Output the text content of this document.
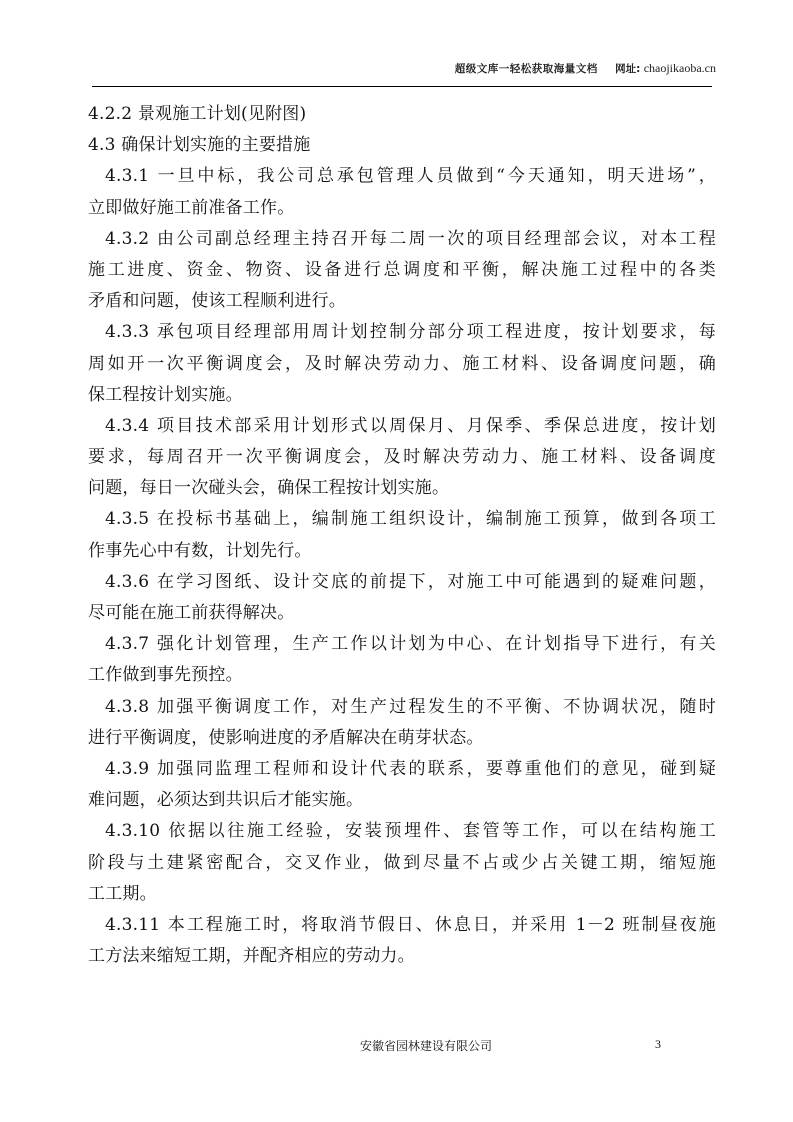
超级文库一轻松获取海量文档 网址: chaojikaoba.cn
4.2.2 景观施工计划(见附图)
4.3 确保计划实施的主要措施
4.3.1 一旦中标，我公司总承包管理人员做到“今天通知，明天进场”，
立即做好施工前准备工作。
4.3.2 由公司副总经理主持召开每二周一次的项目经理部会议，对本工程
施工进度、资金、物资、设备进行总调度和平衡，解决施工过程中的各类
矛盾和问题，使该工程顺利进行。
4.3.3 承包项目经理部用周计划控制分部分项工程进度，按计划要求，每
周如开一次平衡调度会，及时解决劳动力、施工材料、设备调度问题，确
保工程按计划实施。
4.3.4 项目技术部采用计划形式以周保月、月保季、季保总进度，按计划
要求，每周召开一次平衡调度会，及时解决劳动力、施工材料、设备调度
问题，每日一次碰头会，确保工程按计划实施。
4.3.5 在投标书基础上，编制施工组织设计，编制施工预算，做到各项工
作事先心中有数，计划先行。
4.3.6 在学习图纸、设计交底的前提下，对施工中可能遇到的疑难问题，
尽可能在施工前获得解决。
4.3.7 强化计划管理，生产工作以计划为中心、在计划指导下进行，有关
工作做到事先预控。
4.3.8 加强平衡调度工作，对生产过程发生的不平衡、不协调状况，随时
进行平衡调度，使影响进度的矛盾解决在萌芽状态。
4.3.9 加强同监理工程师和设计代表的联系，要尊重他们的意见，碰到疑
难问题，必须达到共识后才能实施。
4.3.10 依据以往施工经验，安装预埋件、套管等工作，可以在结构施工
阶段与土建紧密配合，交叉作业，做到尽量不占或少占关键工期，缩短施
工工期。
4.3.11 本工程施工时，将取消节假日、休息日，并采用 1－2 班制昼夜施
工方法来缩短工期，并配齐相应的劳动力。
安徽省园林建设有限公司	3
